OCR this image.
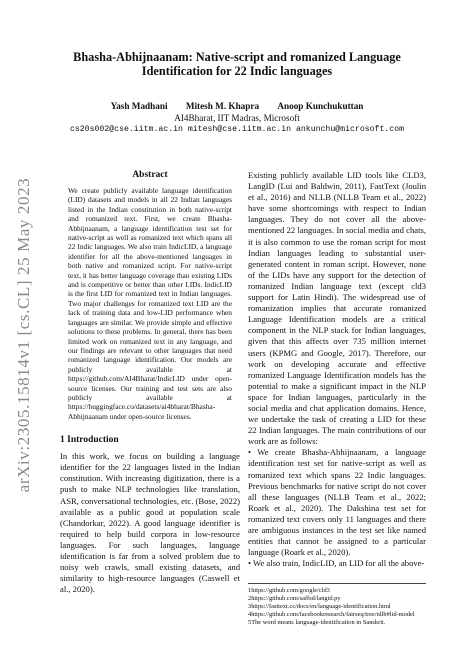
arXiv:2305.15814v1 [cs.CL] 25 May 2023
Bhasha-Abhijnaanam: Native-script and romanized Language
Identification for 22 Indic languages
Yash Madhani Mitesh M. Khapra Anoop Kunchukuttan
AI4Bharat, IIT Madras, Microsoft
cs20s002@cse.iitm.ac.in mitesh@cse.iitm.ac.in ankunchu@microsoft.com
Abstract

We create publicly available language identification (LID) datasets and models in all 22 Indian languages listed in the Indian constitution in both native-script and romanized text. First, we create Bhasha-Abhijnaanam, a language identification test set for native-script as well as romanized text which spans all 22 Indic languages. We also train IndicLID, a language identifier for all the above-mentioned languages in both native and romanized script. For native-script text, it has better language coverage than existing LIDs and is competitive or better than other LIDs. IndicLID is the first LID for romanized text in Indian languages. Two major challenges for romanized text LID are the lack of training data and low-LID performance when languages are similar. We provide simple and effective solutions to these problems. In general, there has been limited work on romanized text in any language, and our findings are relevant to other languages that need romanized language identification. Our models are publicly available at https://github.com/AI4Bharat/IndicLID under open-source licenses. Our training and test sets are also publicly available at https://huggingface.co/datasets/ai4bharat/Bhasha-Abhijnaanam under open-source licenses.

1 Introduction

In this work, we focus on building a language identifier for the 22 languages listed in the Indian constitution. With increasing digitization, there is a push to make NLP technologies like translation, ASR, conversational technologies, etc. (Bose, 2022) available as a public good at population scale (Chandorkar, 2022). A good language identifier is required to help build corpora in low-resource languages. For such languages, language identification is far from a solved problem due to noisy web crawls, small existing datasets, and similarity to high-resource languages (Caswell et al., 2020).

Existing publicly available LID tools like CLD3, LangID (Lui and Baldwin, 2011), FastText (Joulin et al., 2016) and NLLB (NLLB Team et al., 2022) have some shortcomings with respect to Indian languages. They do not cover all the above-mentioned 22 languages. In social media and chats, it is also common to use the roman script for most Indian languages leading to substantial user-generated content in roman script. However, none of the LIDs have any support for the detection of romanized Indian language text (except cld3 support for Latin Hindi). The widespread use of romanization implies that accurate romanized Language Identification models are a critical component in the NLP stack for Indian languages, given that this affects over 735 million internet users (KPMG and Google, 2017). Therefore, our work on developing accurate and effective romanized Language Identification models has the potential to make a significant impact in the NLP space for Indian languages, particularly in the social media and chat application domains. Hence, we undertake the task of creating a LID for these 22 Indian languages. The main contributions of our work are as follows:

• We create Bhasha-Abhijnaanam, a language identification test set for native-script as well as romanized text which spans 22 Indic languages. Previous benchmarks for native script do not cover all these languages (NLLB Team et al., 2022; Roark et al., 2020). The Dakshina test set for romanized text covers only 11 languages and there are ambiguous instances in the test set like named entities that cannot be assigned to a particular language (Roark et al., 2020).

• We also train, IndicLID, an LID for all the above-

1https://github.com/google/cld3
2https://github.com/saffsd/langid.py
3https://fasttext.cc/docs/en/language-identification.html
4https://github.com/facebookresearch/fairseq/tree/nllb#lid-model
5The word means language-identification in Sanskrit.
